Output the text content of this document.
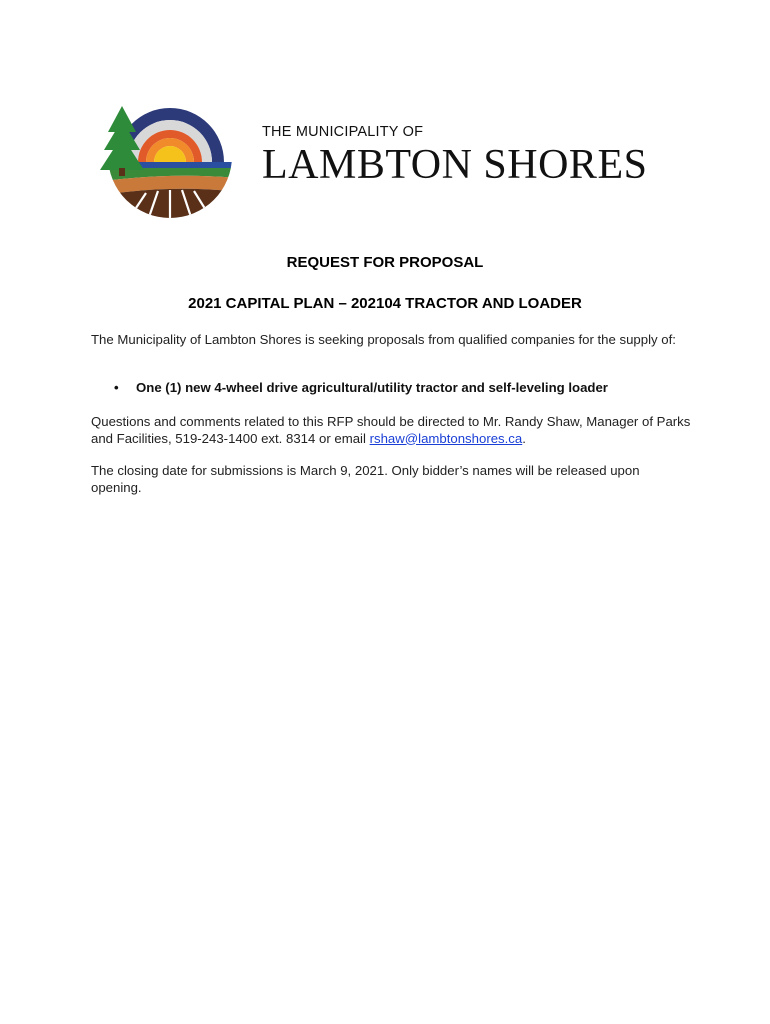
THE MUNICIPALITY OF

LAMBTON SHORES

REQUEST FOR PROPOSAL

2021 CAPITAL PLAN – 202104 TRACTOR AND LOADER

The Municipality of Lambton Shores is seeking proposals from qualified companies for the supply of:

• One (1) new 4-wheel drive agricultural/utility tractor and self-leveling loader

Questions and comments related to this RFP should be directed to Mr. Randy Shaw, Manager of Parks and Facilities, 519-243-1400 ext. 8314 or email rshaw@lambtonshores.ca.

The closing date for submissions is March 9, 2021. Only bidder’s names will be released upon opening.
